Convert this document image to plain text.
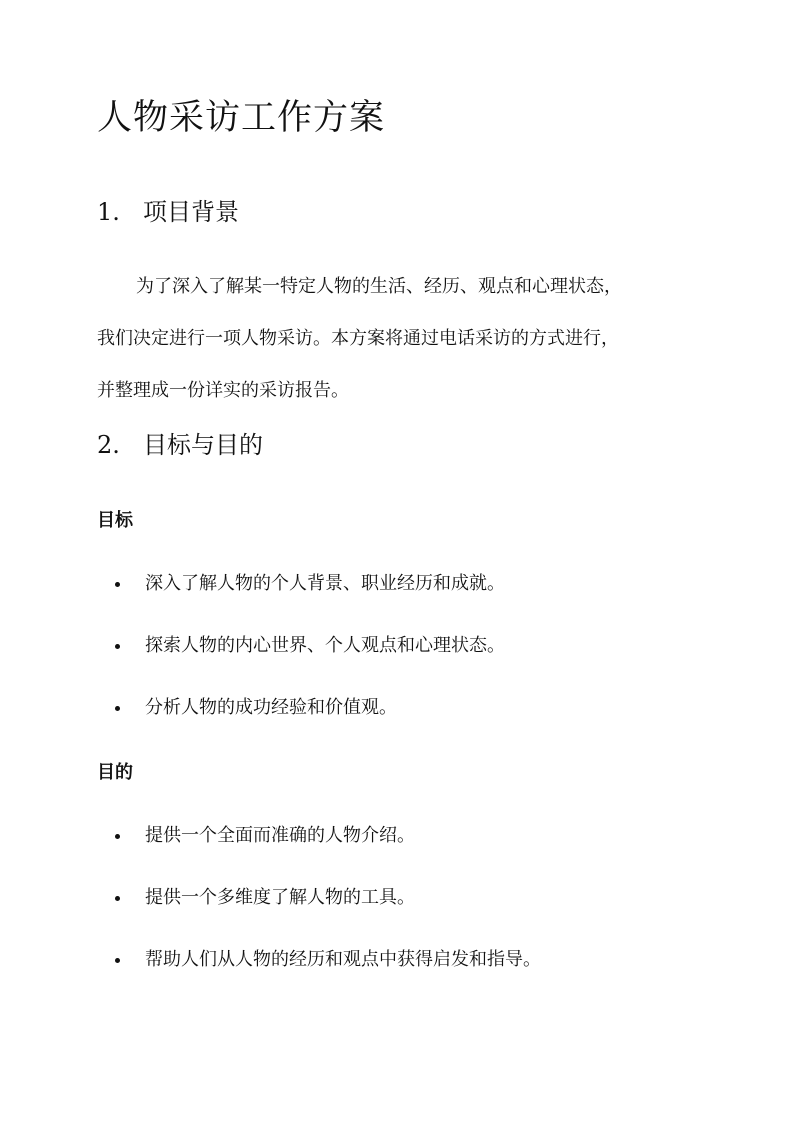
人物采访工作方案
1. 项目背景

为了深入了解某一特定人物的生活、经历、观点和心理状态，
我们决定进行一项人物采访。本方案将通过电话采访的方式进行，
并整理成一份详实的采访报告。

2. 目标与目的
目标
深入了解人物的个人背景、职业经历和成就。
探索人物的内心世界、个人观点和心理状态。
分析人物的成功经验和价值观。
目的
提供一个全面而准确的人物介绍。
提供一个多维度了解人物的工具。
帮助人们从人物的经历和观点中获得启发和指导。
